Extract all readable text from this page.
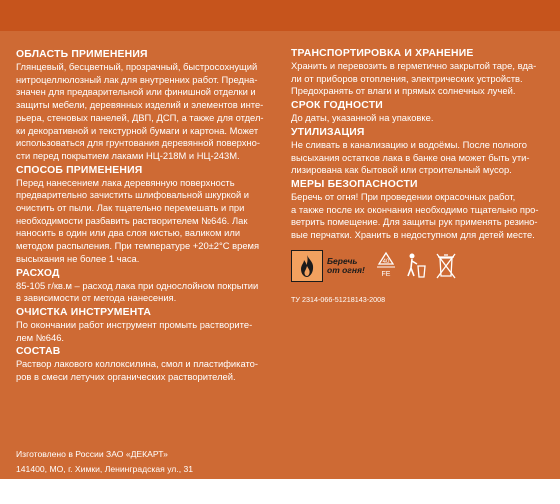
ОБЛАСТЬ ПРИМЕНЕНИЯ

Глянцевый, бесцветный, прозрачный, быстросохнущий
нитроцеллюлозный лак для внутренних работ. Предна-
значен для предварительной или финишной отделки и
защиты мебели, деревянных изделий и элементов инте-
рьера, стеновых панелей, ДВП, ДСП, а также для отдел-
ки декоративной и текстурной бумаги и картона. Может
использоваться для грунтования деревянной поверхно-
сти перед покрытием лаками НЦ-218М и НЦ-243М.

СПОСОБ ПРИМЕНЕНИЯ

Перед нанесением лака деревянную поверхность
предварительно зачистить шлифовальной шкуркой и
очистить от пыли. Лак тщательно перемешать и при
необходимости разбавить растворителем №646. Лак
наносить в один или два слоя кистью, валиком или
методом распыления. При температуре +20±2°С время
высыхания не более 1 часа.

РАСХОД

85-105 г/кв.м – расход лака при однослойном покрытии
в зависимости от метода нанесения.

ОЧИСТКА ИНСТРУМЕНТА

По окончании работ инструмент промыть растворите-
лем №646.

СОСТАВ

Раствор лакового коллоксилина, смол и пластификато-
ров в смеси летучих органических растворителей.

ТРАНСПОРТИРОВКА И ХРАНЕНИЕ

Хранить и перевозить в герметично закрытой таре, вда-
ли от приборов отопления, электрических устройств.
Предохранять от влаги и прямых солнечных лучей.

СРОК ГОДНОСТИ

До даты, указанной на упаковке.

УТИЛИЗАЦИЯ

Не сливать в канализацию и водоёмы. После полного
высыхания остатков лака в банке она может быть ути-
лизирована как бытовой или строительный мусор.

МЕРЫ БЕЗОПАСНОСТИ

Беречь от огня! При проведении окрасочных работ,
а также после их окончания необходимо тщательно про-
ветрить помещение. Для защиты рук применять резино-
вые перчатки. Хранить в недоступном для детей месте.

Беречь
от огня!
40
FE

ТУ 2314-066-51218143-2008

Изготовлено в России ЗАО «ДЕКАРТ»

141400, МО, г. Химки, Ленинградская ул., 31
